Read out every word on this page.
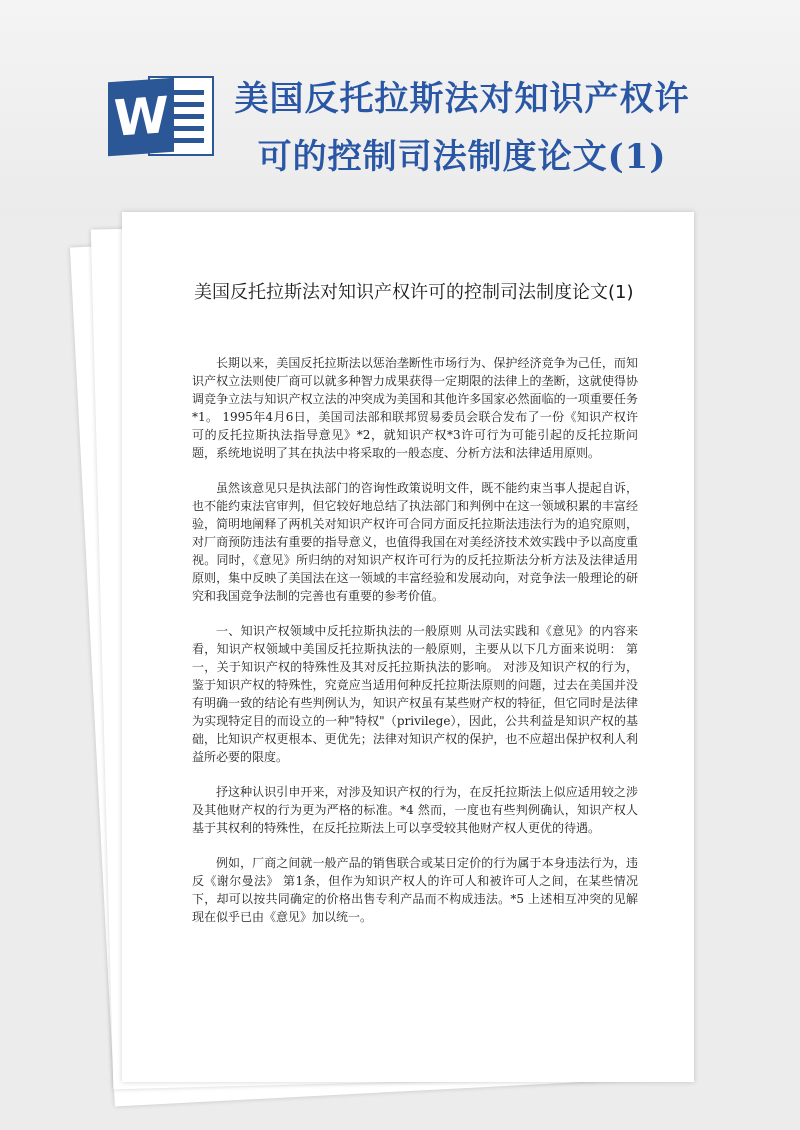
W 美国反托拉斯法对知识产权许可的控制司法制度论文(1)
美国反托拉斯法对知识产权许可的控制司法制度论文(1)

长期以来，美国反托拉斯法以惩治垄断性市场行为、保护经济竞争为己任，而知识产权立法则使厂商可以就多种智力成果获得一定期限的法律上的垄断，这就使得协调竞争立法与知识产权立法的冲突成为美国和其他许多国家必然面临的一项重要任务*1。 1995年4月6日，美国司法部和联邦贸易委员会联合发布了一份《知识产权许可的反托拉斯执法指导意见》*2，就知识产权*3许可行为可能引起的反托拉斯问题，系统地说明了其在执法中将采取的一般态度、分析方法和法律适用原则。

虽然该意见只是执法部门的咨询性政策说明文件，既不能约束当事人提起自诉，也不能约束法官审判，但它较好地总结了执法部门和判例中在这一领域积累的丰富经验，简明地阐释了两机关对知识产权许可合同方面反托拉斯法违法行为的追究原则，对厂商预防违法有重要的指导意义，也值得我国在对美经济技术效实践中予以高度重视。同时，《意见》所归纳的对知识产权许可行为的反托拉斯法分析方法及法律适用原则，集中反映了美国法在这一领域的丰富经验和发展动向，对竞争法一般理论的研究和我国竞争法制的完善也有重要的参考价值。

一、知识产权领域中反托拉斯执法的一般原则 从司法实践和《意见》的内容来看，知识产权领域中美国反托拉斯执法的一般原则，主要从以下几方面来说明： 第一，关于知识产权的特殊性及其对反托拉斯执法的影响。 对涉及知识产权的行为，鉴于知识产权的特殊性，究竟应当适用何种反托拉斯法原则的问题，过去在美国并没有明确一致的结论有些判例认为，知识产权虽有某些财产权的特征，但它同时是法律为实现特定目的而设立的一种"特权"（privilege），因此，公共利益是知识产权的基础，比知识产权更根本、更优先；法律对知识产权的保护，也不应超出保护权利人利益所必要的限度。

抒这种认识引申开来，对涉及知识产权的行为，在反托拉斯法上似应适用较之涉及其他财产权的行为更为严格的标准。*4 然而，一度也有些判例确认，知识产权人基于其权利的特殊性，在反托拉斯法上可以享受较其他财产权人更优的待遇。

例如，厂商之间就一般产品的销售联合或某日定价的行为属于本身违法行为，违反《谢尔曼法》 第1条，但作为知识产权人的许可人和被许可人之间，在某些情况下，却可以按共同确定的价格出售专利产品而不构成违法。*5 上述相互冲突的见解现在似乎已由《意见》加以统一。
